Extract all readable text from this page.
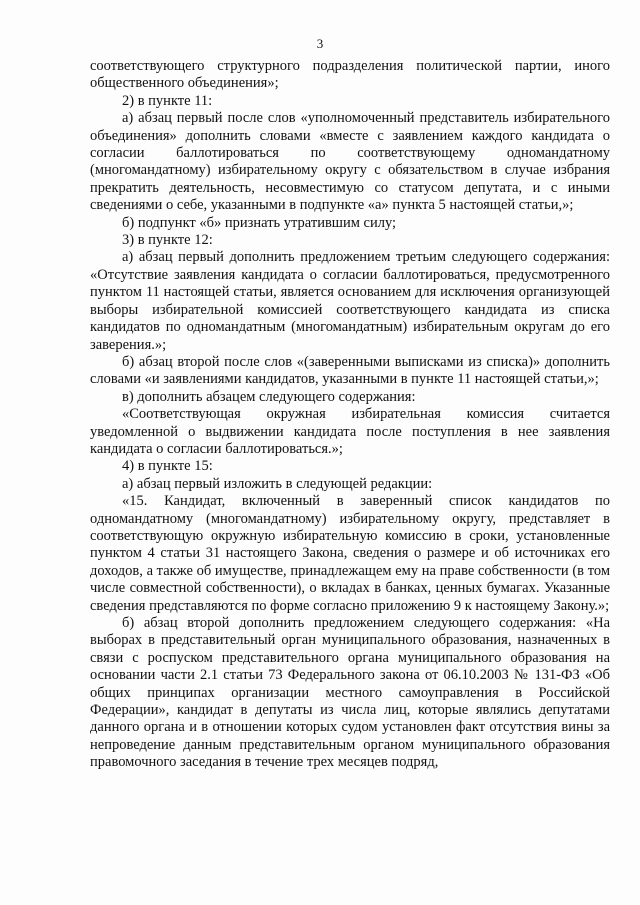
3

соответствующего структурного подразделения политической партии, иного общественного объединения»;

2) в пункте 11:

а) абзац первый после слов «уполномоченный представитель избирательного объединения» дополнить словами «вместе с заявлением каждого кандидата о согласии баллотироваться по соответствующему одномандатному (многомандатному) избирательному округу с обязательством в случае избрания прекратить деятельность, несовместимую со статусом депутата, и с иными сведениями о себе, указанными в подпункте «а» пункта 5 настоящей статьи,»;

б) подпункт «б» признать утратившим силу;

3) в пункте 12:

а) абзац первый дополнить предложением третьим следующего содержания: «Отсутствие заявления кандидата о согласии баллотироваться, предусмотренного пунктом 11 настоящей статьи, является основанием для исключения организующей выборы избирательной комиссией соответствующего кандидата из списка кандидатов по одномандатным (многомандатным) избирательным округам до его заверения.»;

б) абзац второй после слов «(заверенными выписками из списка)» дополнить словами «и заявлениями кандидатов, указанными в пункте 11 настоящей статьи,»;

в) дополнить абзацем следующего содержания:

«Соответствующая окружная избирательная комиссия считается уведомленной о выдвижении кандидата после поступления в нее заявления кандидата о согласии баллотироваться.»;

4) в пункте 15:

а) абзац первый изложить в следующей редакции:

«15. Кандидат, включенный в заверенный список кандидатов по одномандатному (многомандатному) избирательному округу, представляет в соответствующую окружную избирательную комиссию в сроки, установленные пунктом 4 статьи 31 настоящего Закона, сведения о размере и об источниках его доходов, а также об имуществе, принадлежащем ему на праве собственности (в том числе совместной собственности), о вкладах в банках, ценных бумагах. Указанные сведения представляются по форме согласно приложению 9 к настоящему Закону.»;

б) абзац второй дополнить предложением следующего содержания: «На выборах в представительный орган муниципального образования, назначенных в связи с роспуском представительного органа муниципального образования на основании части 2.1 статьи 73 Федерального закона от 06.10.2003 № 131-ФЗ «Об общих принципах организации местного самоуправления в Российской Федерации», кандидат в депутаты из числа лиц, которые являлись депутатами данного органа и в отношении которых судом установлен факт отсутствия вины за непроведение данным представительным органом муниципального образования правомочного заседания в течение трех месяцев подряд,
